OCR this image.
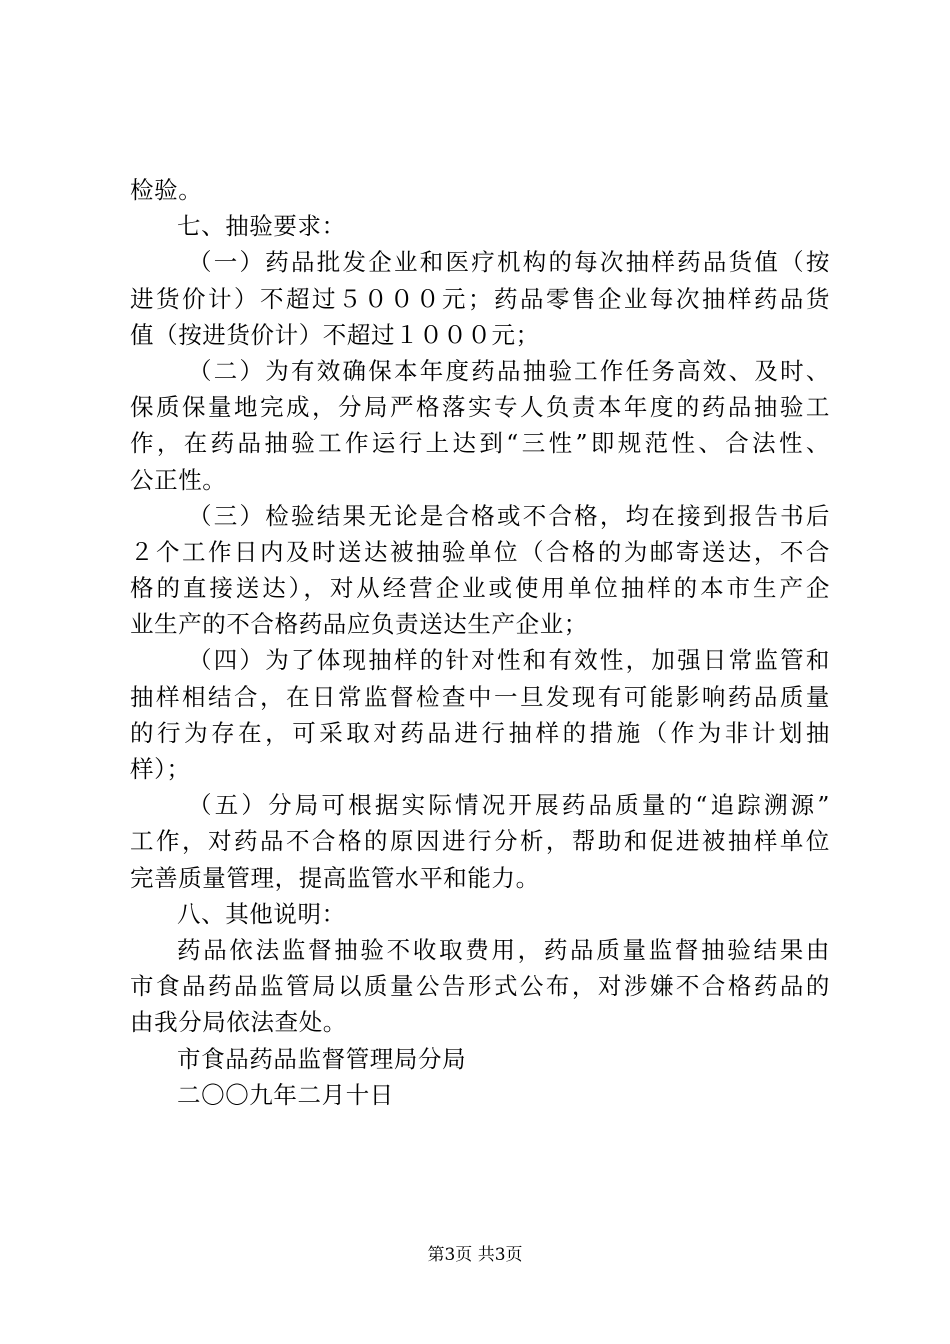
检验。
七、抽验要求：
（一）药品批发企业和医疗机构的每次抽样药品货值（按
进货价计）不超过５０００元；药品零售企业每次抽样药品货
值（按进货价计）不超过１０００元；
（二）为有效确保本年度药品抽验工作任务高效、及时、
保质保量地完成，分局严格落实专人负责本年度的药品抽验工
作，在药品抽验工作运行上达到“三性”即规范性、合法性、
公正性。
（三）检验结果无论是合格或不合格，均在接到报告书后
２个工作日内及时送达被抽验单位（合格的为邮寄送达，不合
格的直接送达），对从经营企业或使用单位抽样的本市生产企
业生产的不合格药品应负责送达生产企业；
（四）为了体现抽样的针对性和有效性，加强日常监管和
抽样相结合，在日常监督检查中一旦发现有可能影响药品质量
的行为存在，可采取对药品进行抽样的措施（作为非计划抽
样）；
（五）分局可根据实际情况开展药品质量的“追踪溯源”
工作，对药品不合格的原因进行分析，帮助和促进被抽样单位
完善质量管理，提高监管水平和能力。
八、其他说明：
药品依法监督抽验不收取费用，药品质量监督抽验结果由
市食品药品监管局以质量公告形式公布，对涉嫌不合格药品的
由我分局依法查处。
市食品药品监督管理局分局
二〇〇九年二月十日
第3页 共3页
